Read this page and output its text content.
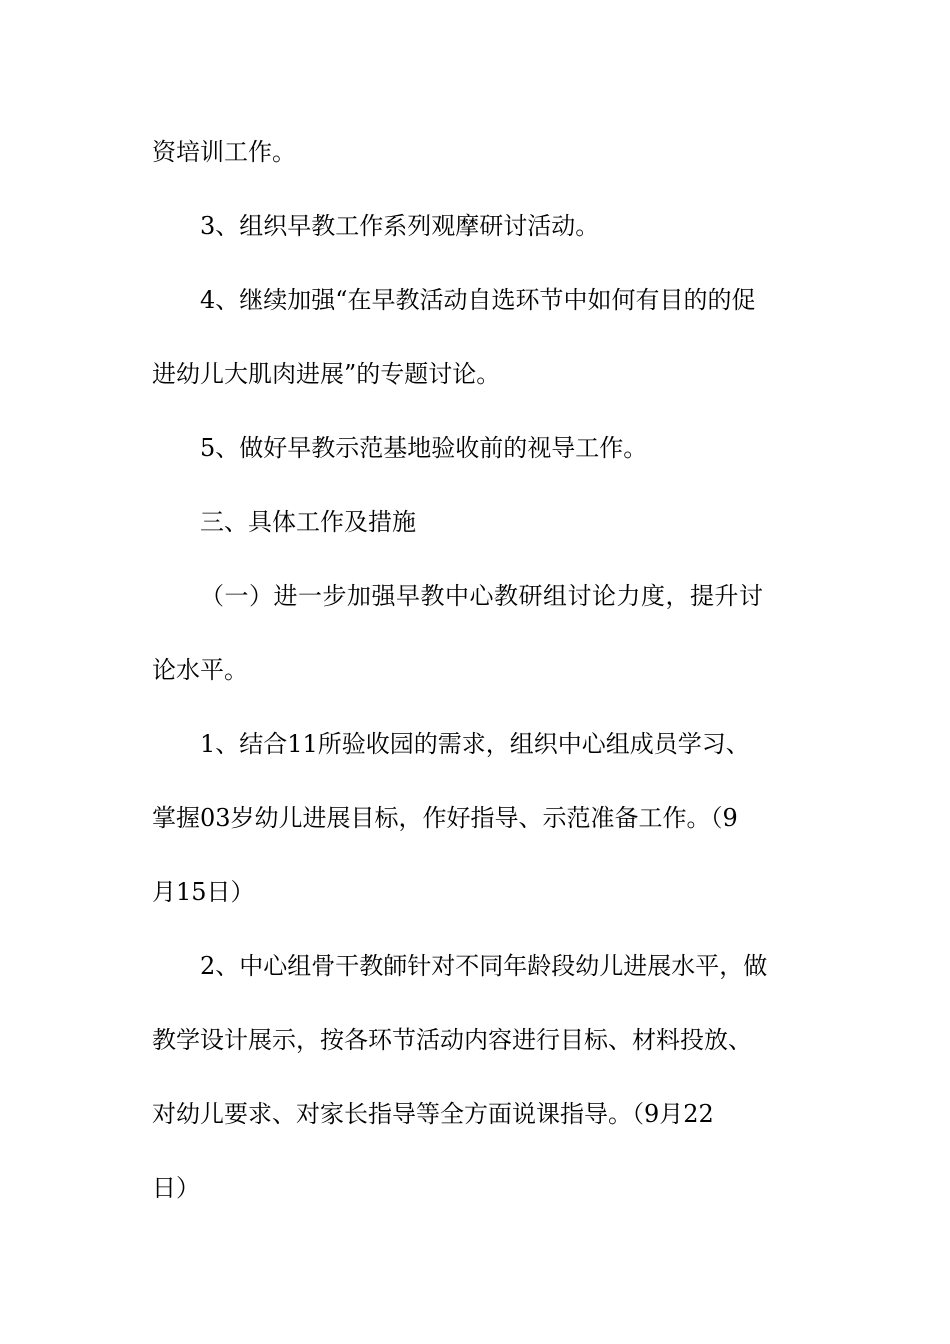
资培训工作。
3、组织早教工作系列观摩研讨活动。
4、继续加强“在早教活动自选环节中如何有目的的促
进幼儿大肌肉进展”的专题讨论。
5、做好早教示范基地验收前的视导工作。
三、具体工作及措施
（一）进一步加强早教中心教研组讨论力度，提升讨
论水平。
1、结合11所验收园的需求，组织中心组成员学习、
掌握03岁幼儿进展目标，作好指导、示范准备工作。（9
月15日）
2、中心组骨干教師针对不同年龄段幼儿进展水平，做
教学设计展示，按各环节活动内容进行目标、材料投放、
对幼儿要求、对家长指导等全方面说课指导。（9月22
日）
